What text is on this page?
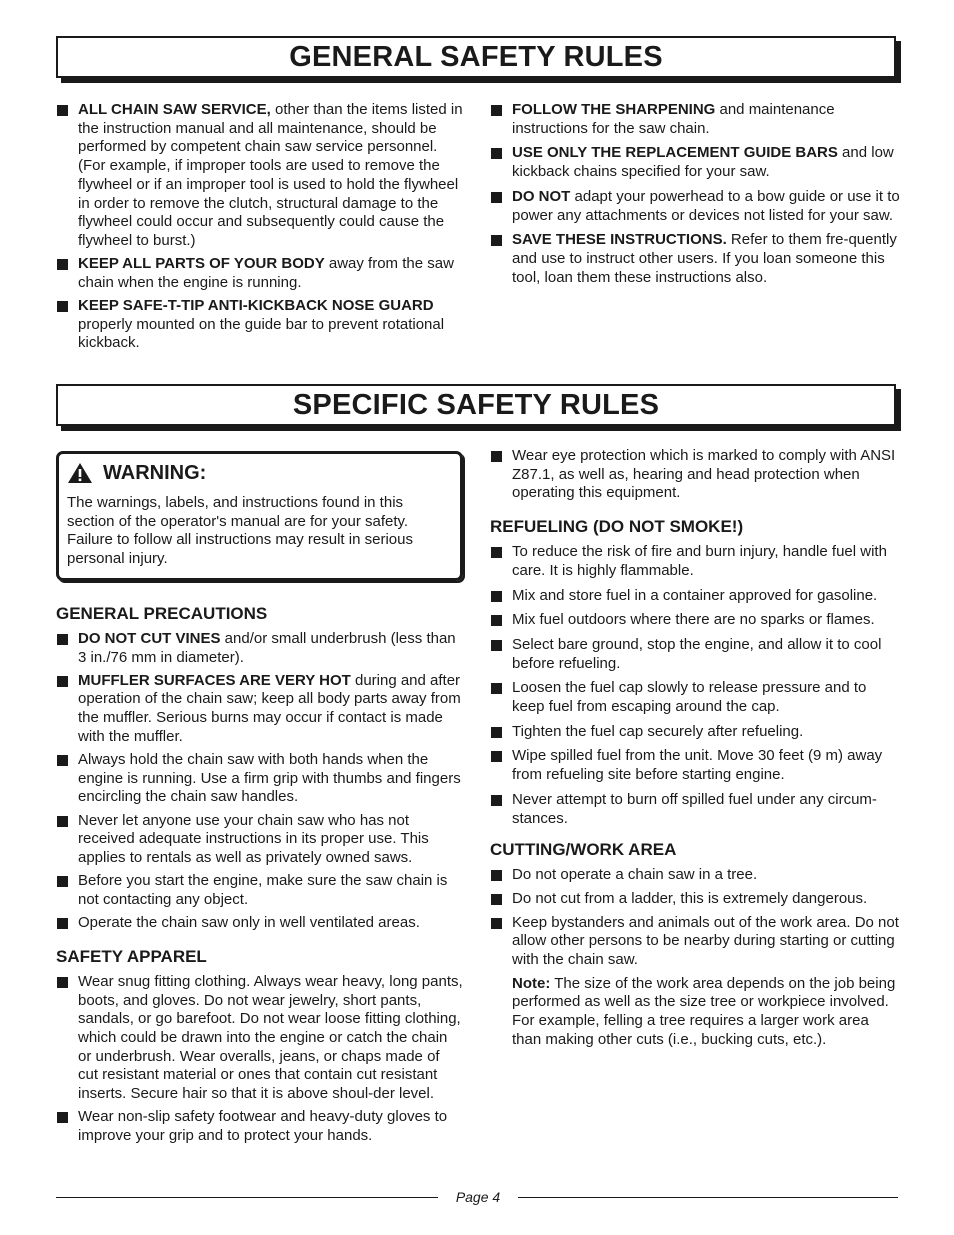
GENERAL SAFETY RULES
ALL CHAIN SAW SERVICE, other than the items listed in the instruction manual and all maintenance, should be performed by competent chain saw service personnel. (For example, if improper tools are used to remove the flywheel or if an improper tool is used to hold the flywheel in order to remove the clutch, structural damage to the flywheel could occur and subsequently could cause the flywheel to burst.)
KEEP ALL PARTS OF YOUR BODY away from the saw chain when the engine is running.
KEEP SAFE-T-TIP ANTI-KICKBACK NOSE GUARD properly mounted on the guide bar to prevent rotational kickback.
FOLLOW THE SHARPENING and maintenance instructions for the saw chain.
USE ONLY THE REPLACEMENT GUIDE BARS and low kickback chains specified for your saw.
DO NOT adapt your powerhead to a bow guide or use it to power any attachments or devices not listed for your saw.
SAVE THESE INSTRUCTIONS. Refer to them fre-quently and use to instruct other users. If you loan someone this tool, loan them these instructions also.
SPECIFIC SAFETY RULES
WARNING:
The warnings, labels, and instructions found in this section of the operator's manual are for your safety. Failure to follow all instructions may result in serious personal injury.
GENERAL PRECAUTIONS
DO NOT CUT VINES and/or small underbrush (less than 3 in./76 mm in diameter).
MUFFLER SURFACES ARE VERY HOT during and after operation of the chain saw; keep all body parts away from the muffler. Serious burns may occur if contact is made with the muffler.
Always hold the chain saw with both hands when the engine is running. Use a firm grip with thumbs and fingers encircling the chain saw handles.
Never let anyone use your chain saw who has not received adequate instructions in its proper use. This applies to rentals as well as privately owned saws.
Before you start the engine, make sure the saw chain is not contacting any object.
Operate the chain saw only in well ventilated areas.
SAFETY APPAREL
Wear snug fitting clothing. Always wear heavy, long pants, boots, and gloves. Do not wear jewelry, short pants, sandals, or go barefoot. Do not wear loose fitting clothing, which could be drawn into the engine or catch the chain or underbrush. Wear overalls, jeans, or chaps made of cut resistant material or ones that contain cut resistant inserts. Secure hair so that it is above shoul-der level.
Wear non-slip safety footwear and heavy-duty gloves to improve your grip and to protect your hands.
Wear eye protection which is marked to comply with ANSI Z87.1, as well as, hearing and head protection when operating this equipment.
REFUELING (DO NOT SMOKE!)
To reduce the risk of fire and burn injury, handle fuel with care. It is highly flammable.
Mix and store fuel in a container approved for gasoline.
Mix fuel outdoors where there are no sparks or flames.
Select bare ground, stop the engine, and allow it to cool before refueling.
Loosen the fuel cap slowly to release pressure and to keep fuel from escaping around the cap.
Tighten the fuel cap securely after refueling.
Wipe spilled fuel from the unit. Move 30 feet (9 m) away from refueling site before starting engine.
Never attempt to burn off spilled fuel under any circum-stances.
CUTTING/WORK AREA
Do not operate a chain saw in a tree.
Do not cut from a ladder, this is extremely dangerous.
Keep bystanders and animals out of the work area. Do not allow other persons to be nearby during starting or cutting with the chain saw.
Note: The size of the work area depends on the job being performed as well as the size tree or workpiece involved. For example, felling a tree requires a larger work area than making other cuts (i.e., bucking cuts, etc.).
Page 4
